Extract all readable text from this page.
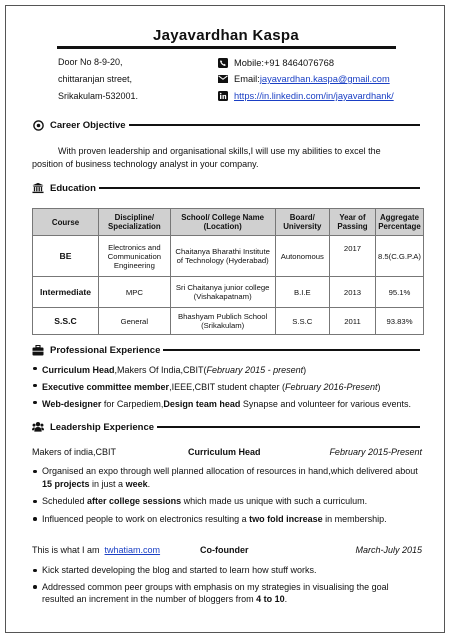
Jayavardhan Kaspa
Door No 8-9-20,
chittaranjan street,
Srikakulam-532001.
Mobile:+91 8464076768
Email: jayavardhan.kaspa@gmail.com
https://in.linkedin.com/in/jayavardhank/
Career Objective
With proven leadership and organisational skills,I will use my abilities to excel the position of business technology analyst in your company.
Education
Course	Discipline/ Specialization	School/ College Name (Location)	Board/ University	Year of Passing	Aggregate Percentage
BE	Electronics and Communication Engineering	Chaitanya Bharathi Institute of Technology (Hyderabad)	Autonomous	2017	8.5(C.G.P.A)
Intermediate	MPC	Sri Chaitanya junior college (Vishakapatnam)	B.I.E	2013	95.1%
S.S.C	General	Bhashyam Publich School (Srikakulam)	S.S.C	2011	93.83%
Professional Experience

Curriculum Head,Makers Of India,CBIT(February 2015 - present)

Executive committee member,IEEE,CBIT student chapter (February 2016-Present)

Web-designer for Carpediem,Design team head Synapse and volunteer for various events.

Leadership Experience
Makers of india,CBIT	Curriculum Head	February 2015-Present

Organised an expo through well planned allocation of resources in hand,which delivered about 15 projects in just a week.

Scheduled after college sessions which made us unique with such a curriculum.

Influenced people to work on electronics resulting a two fold increase in membership.

This is what I am  twhatiam.com	Co-founder	March-July 2015

Kick started developing the blog and started to learn how stuff works.

Addressed common peer groups with emphasis on my strategies in visualising the goal resulted an increment in the number of bloggers from 4 to 10.
